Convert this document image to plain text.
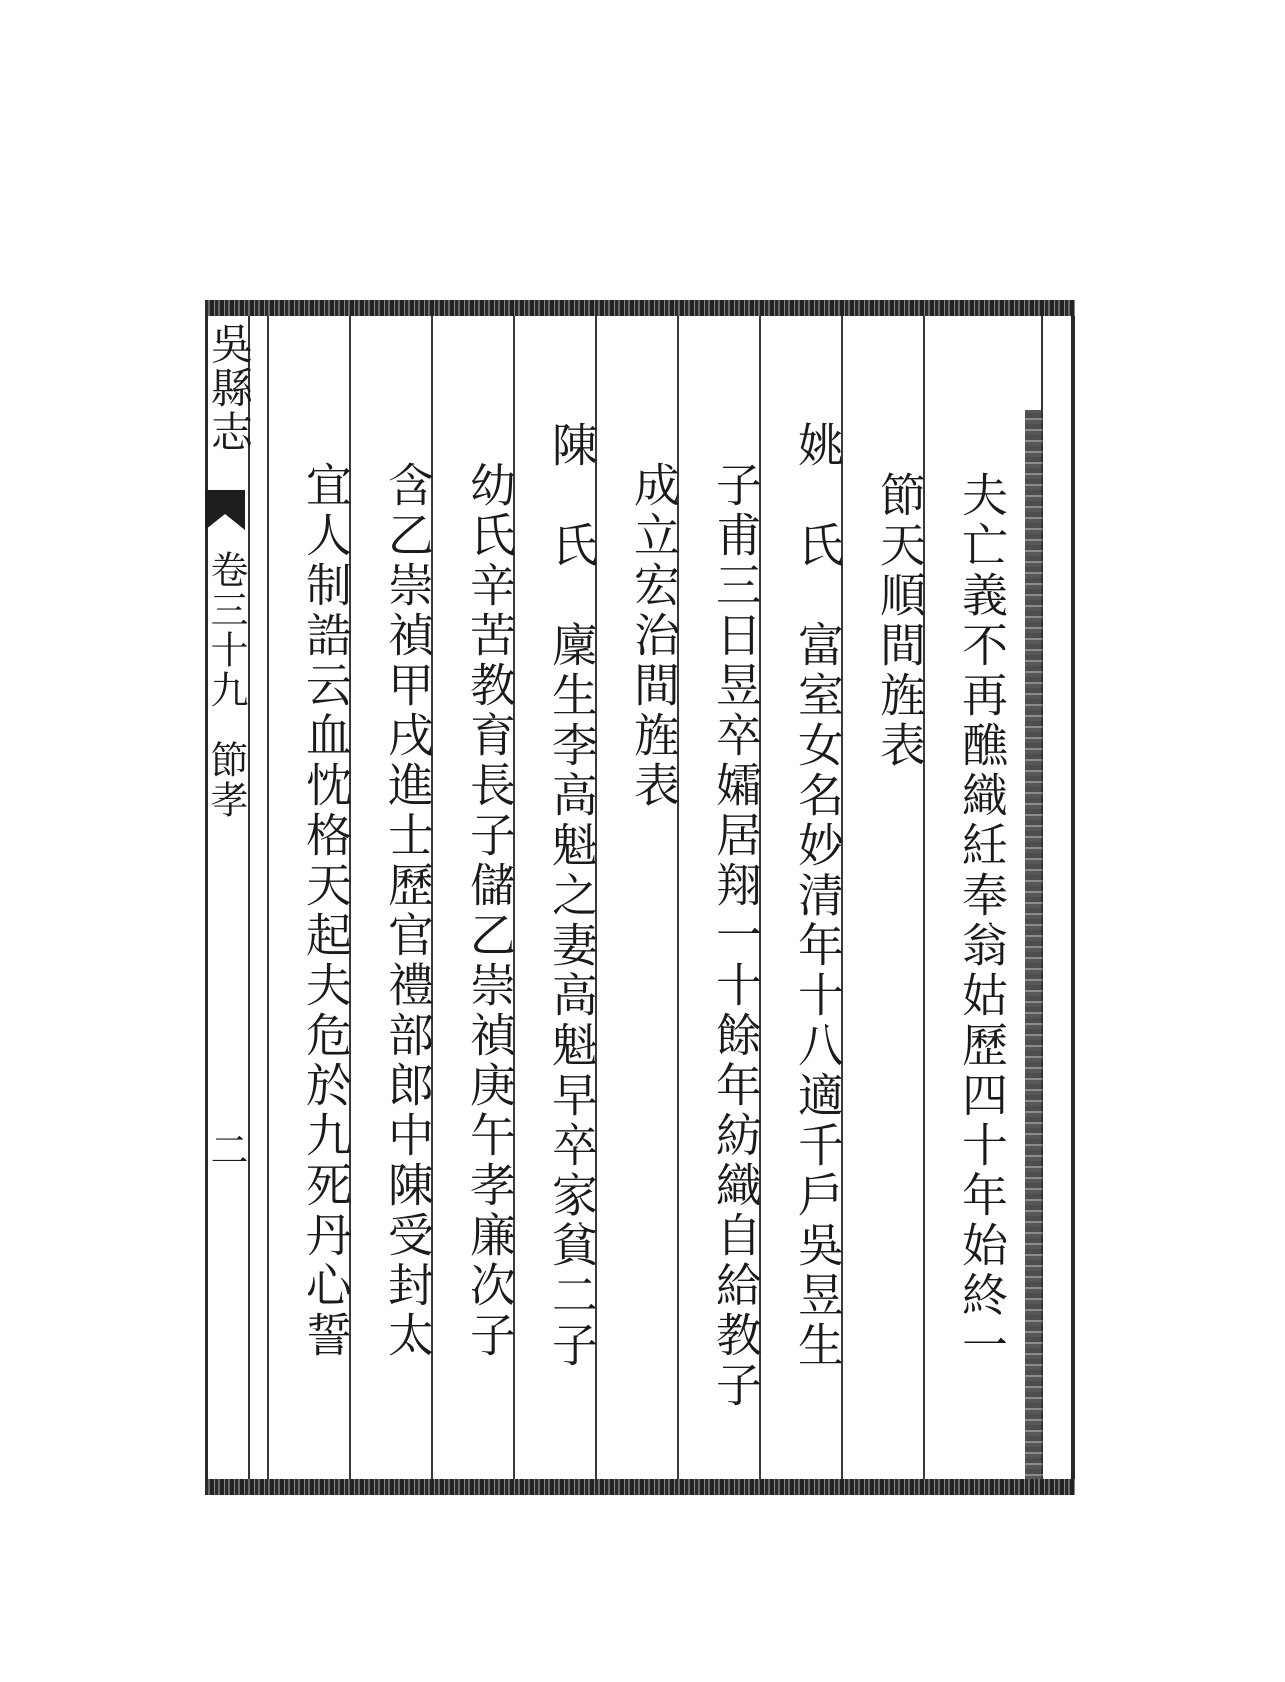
夫亡義不再醮織紝奉翁姑歷四十年始終一
節天順間旌表
姚　氏　富室女名妙清年十八適千戶吳昱生
子甫三日昱卒孀居翔一十餘年紡織自給教子
成立宏治間旌表
陳　氏　廩生李高魁之妻高魁早卒家貧二子
幼氏辛苦教育長子儲乙崇禎庚午孝廉次子
含乙崇禎甲戌進士歷官禮部郎中陳受封太
宜人制誥云血忱格天起夫危於九死丹心誓
吳縣志
卷三十九
節孝
二
